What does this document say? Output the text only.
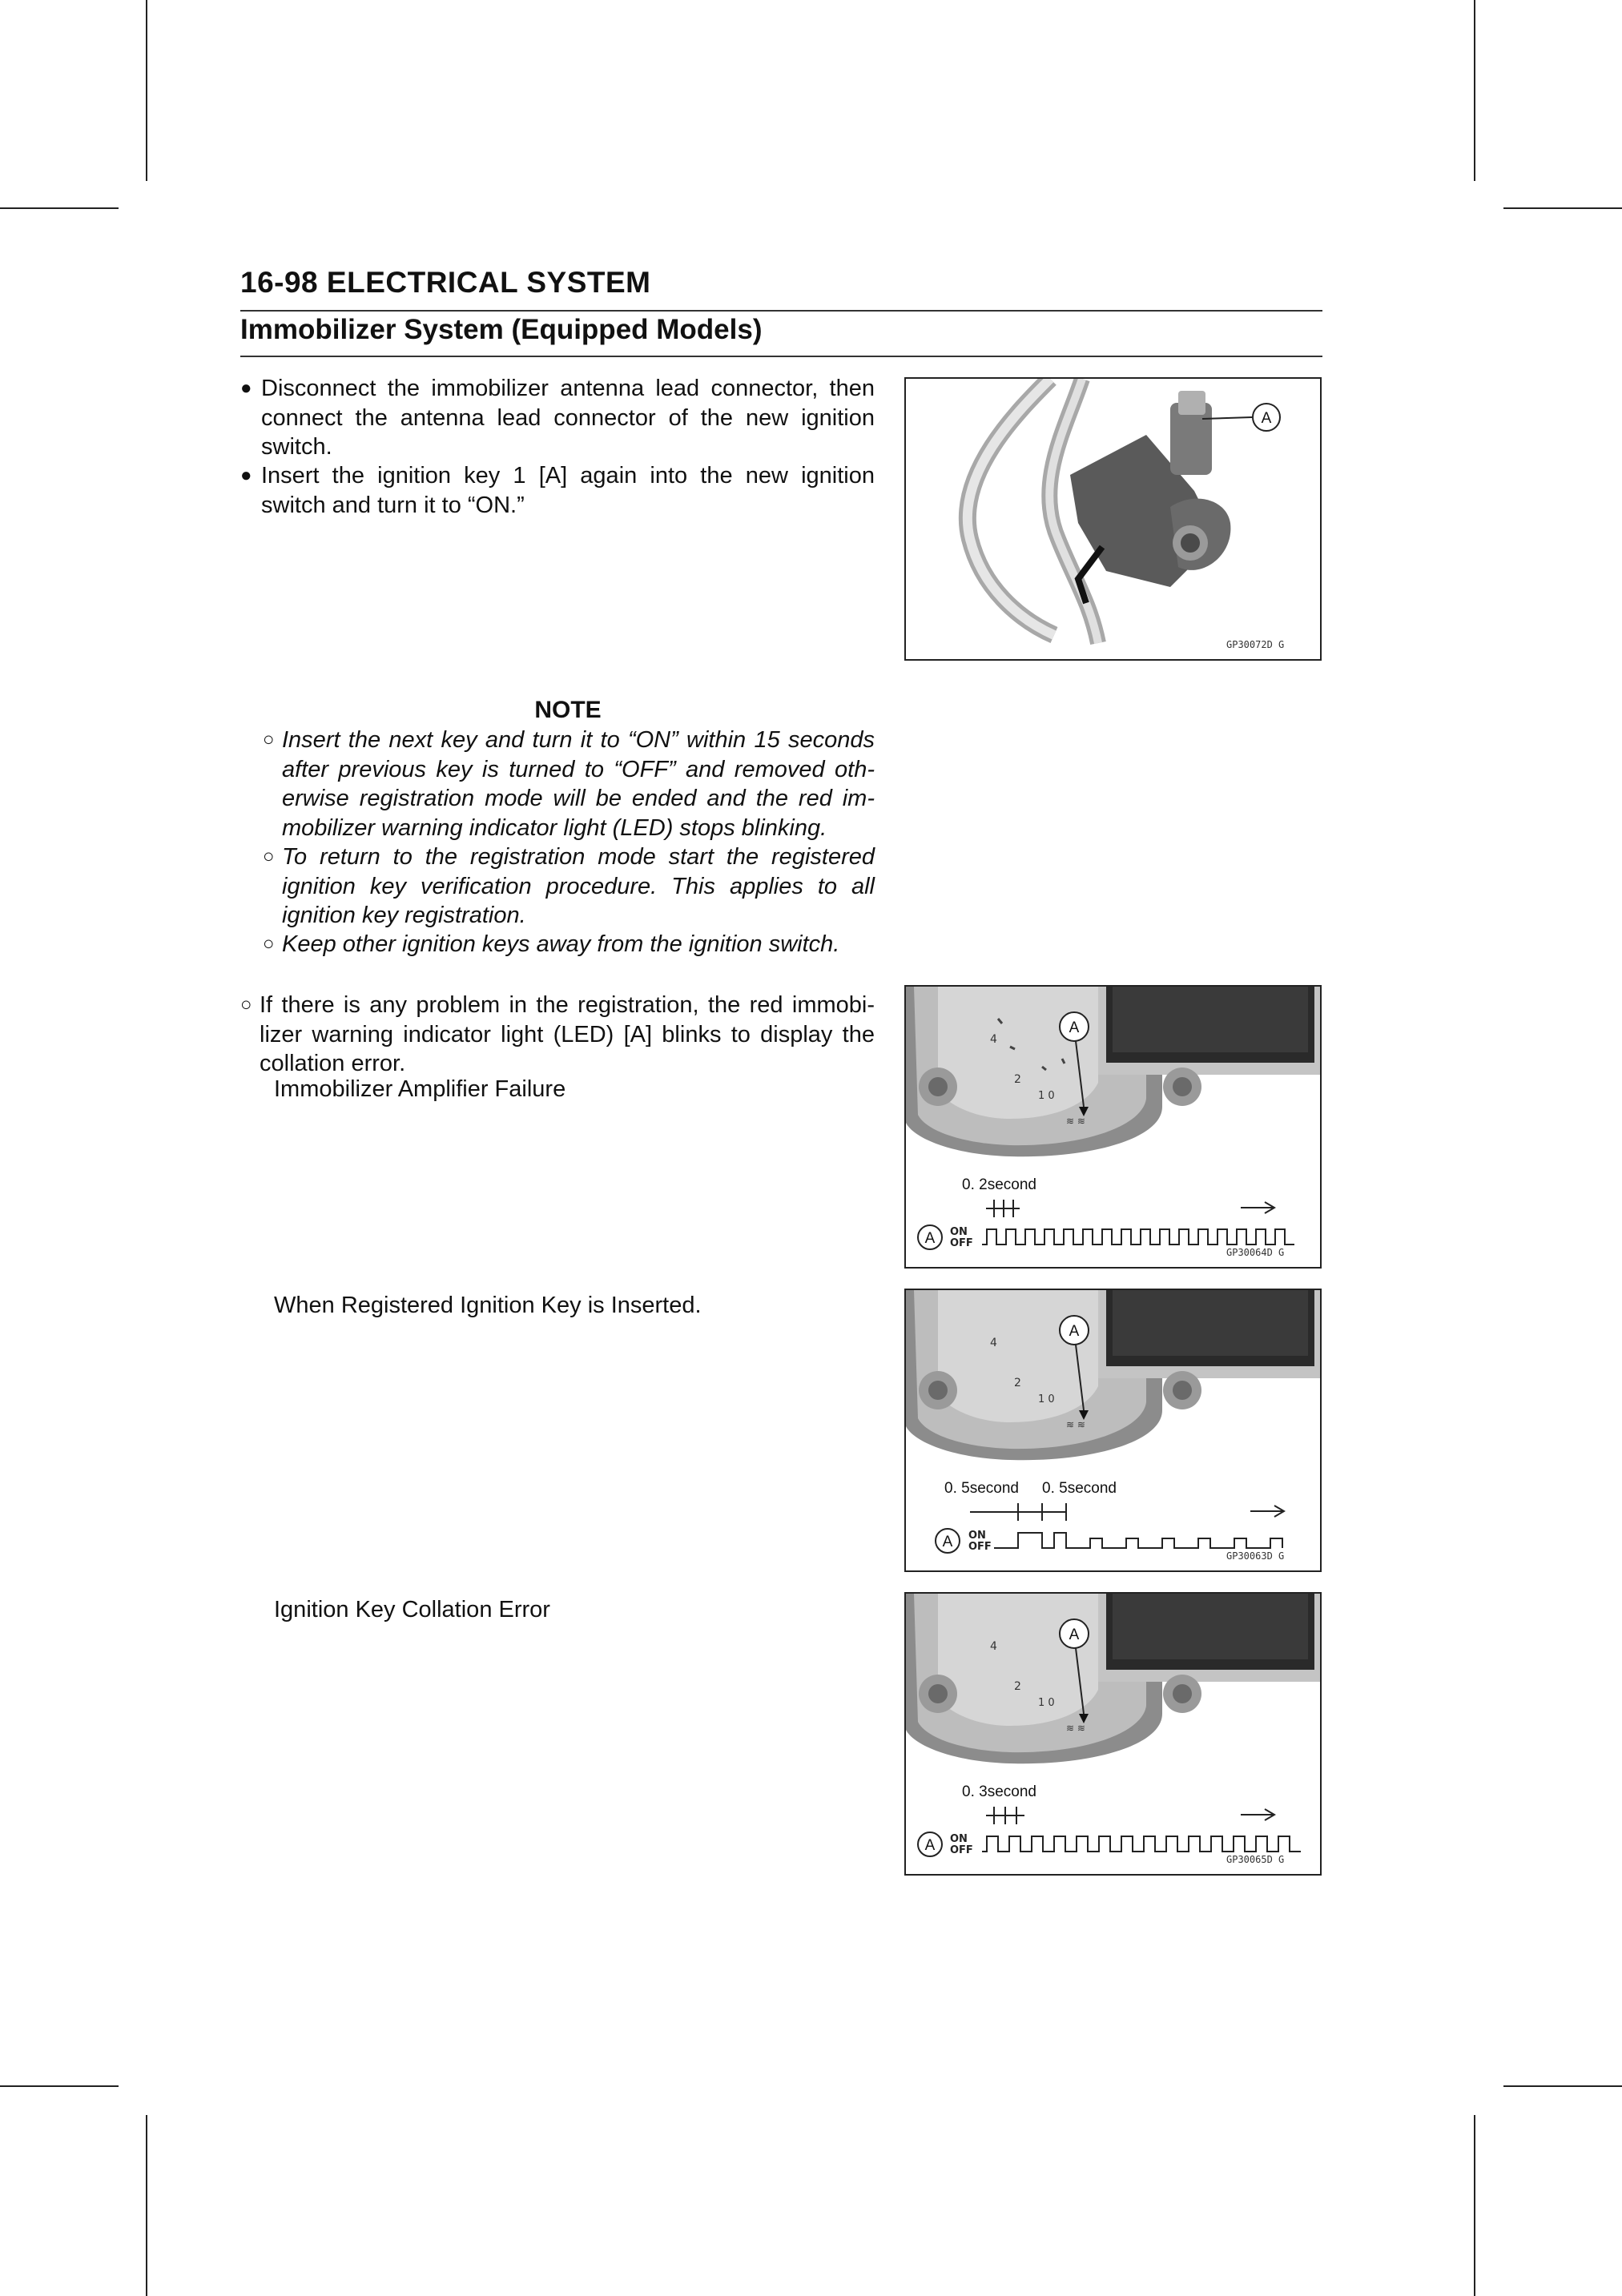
16-98 ELECTRICAL SYSTEM
Immobilizer System (Equipped Models)
● Disconnect the immobilizer antenna lead connector, then connect the antenna lead connector of the new ignition switch.
● Insert the ignition key 1 [A] again into the new ignition switch and turn it to “ON.”
A
GP30072D G
NOTE
○ Insert the next key and turn it to “ON” within 15 seconds after previous key is turned to “OFF” and removed oth-erwise registration mode will be ended and the red im-mobilizer warning indicator light (LED) stops blinking.
○ To return to the registration mode start the registered ignition key verification procedure. This applies to all ignition key registration.
○ Keep other ignition keys away from the ignition switch.
○ If there is any problem in the registration, the red immobi-lizer warning indicator light (LED) [A] blinks to display the collation error.
Immobilizer Amplifier Failure
When Registered Ignition Key is Inserted.
Ignition Key Collation Error
4
2
1 0
A
≋ ≋
0. 2second
A ON
OFF
GP30064D G
4
2
1 0
A
≋ ≋
0. 5second 0. 5second
A ON
OFF
GP30063D G
4
2
1 0
A
≋ ≋
0. 3second
A ON
OFF
GP30065D G
